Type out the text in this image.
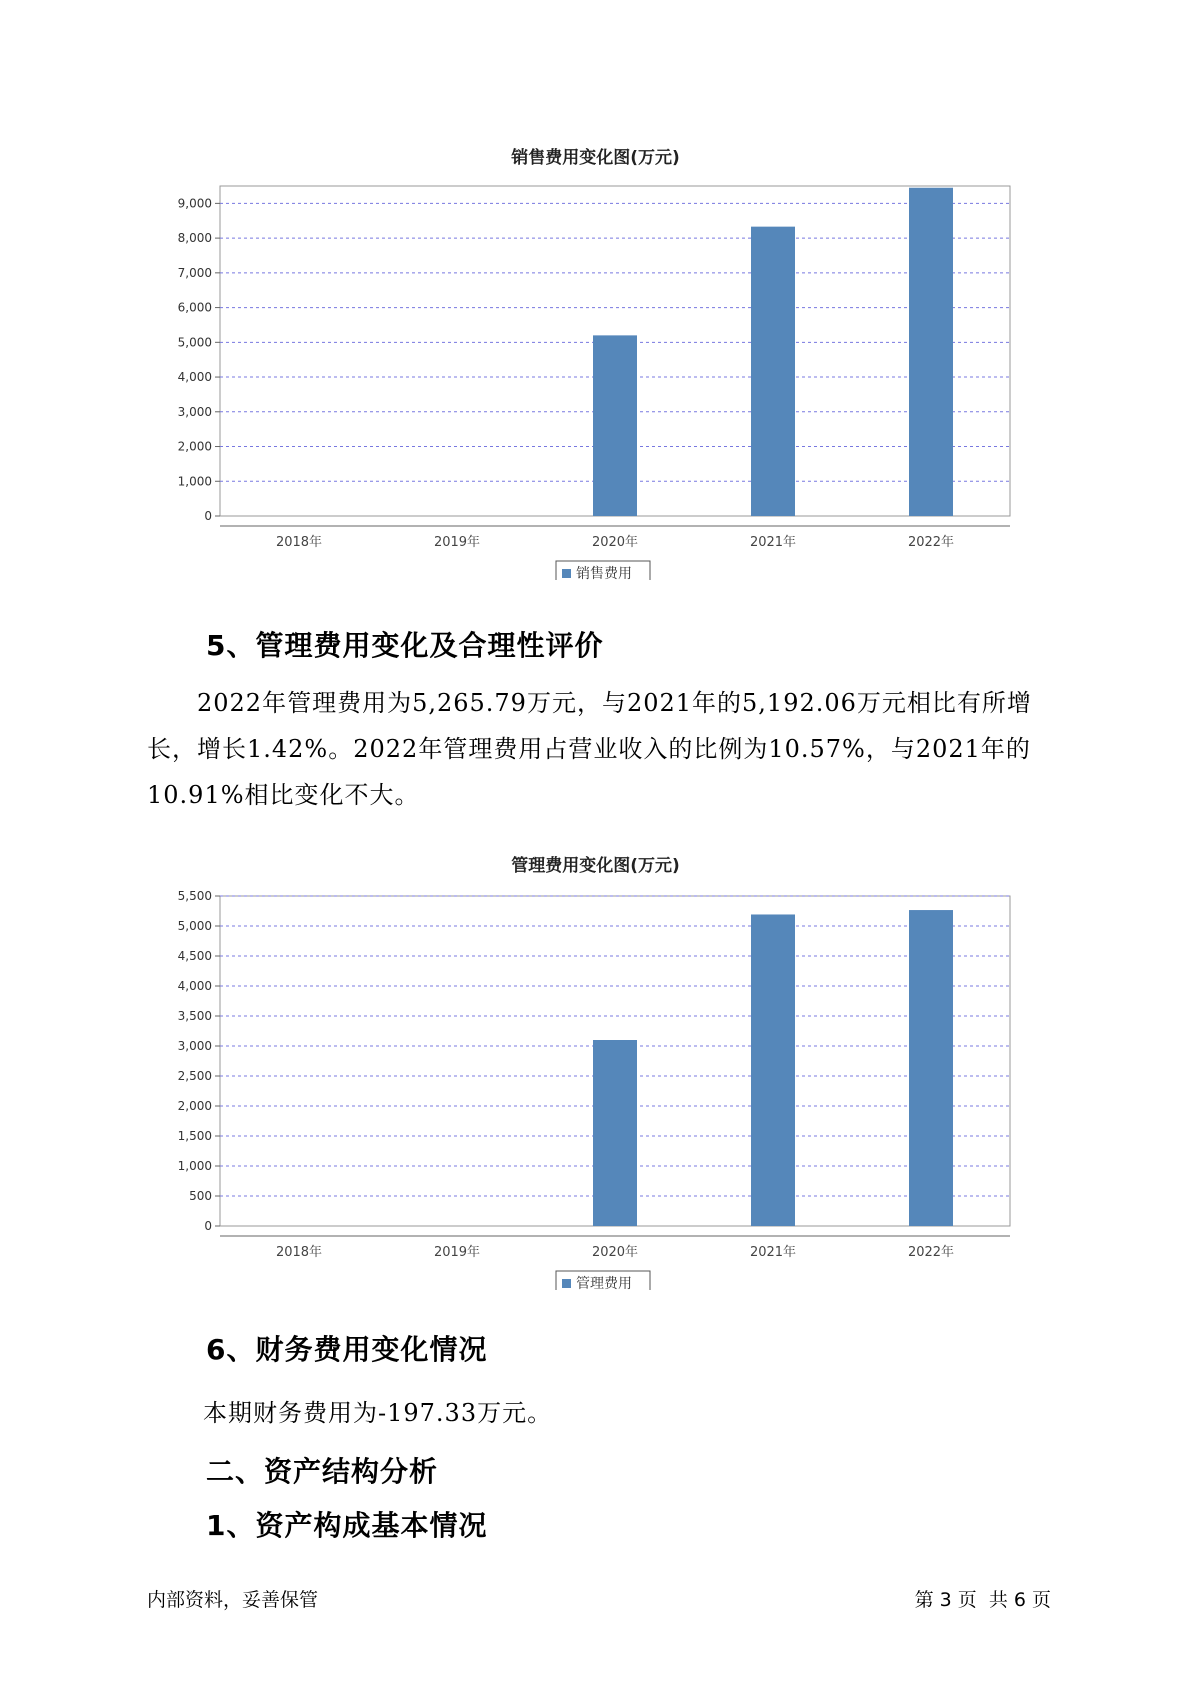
销售费用变化图(万元)
0
1,000
2,000
3,000
4,000
5,000
6,000
7,000
8,000
9,000
2018年	2019年	2020年	2021年	2022年
销售费用
5、管理费用变化及合理性评价
2022年管理费用为5,265.79万元，与2021年的5,192.06万元相比有所增长，增长1.42%。2022年管理费用占营业收入的比例为10.57%，与2021年的10.91%相比变化不大。
管理费用变化图(万元)
0
500
1,000
1,500
2,000
2,500
3,000
3,500
4,000
4,500
5,000
5,500
2018年	2019年	2020年	2021年	2022年
管理费用
6、财务费用变化情况
本期财务费用为-197.33万元。
二、资产结构分析
1、资产构成基本情况
内部资料，妥善保管	第 3 页  共 6 页
